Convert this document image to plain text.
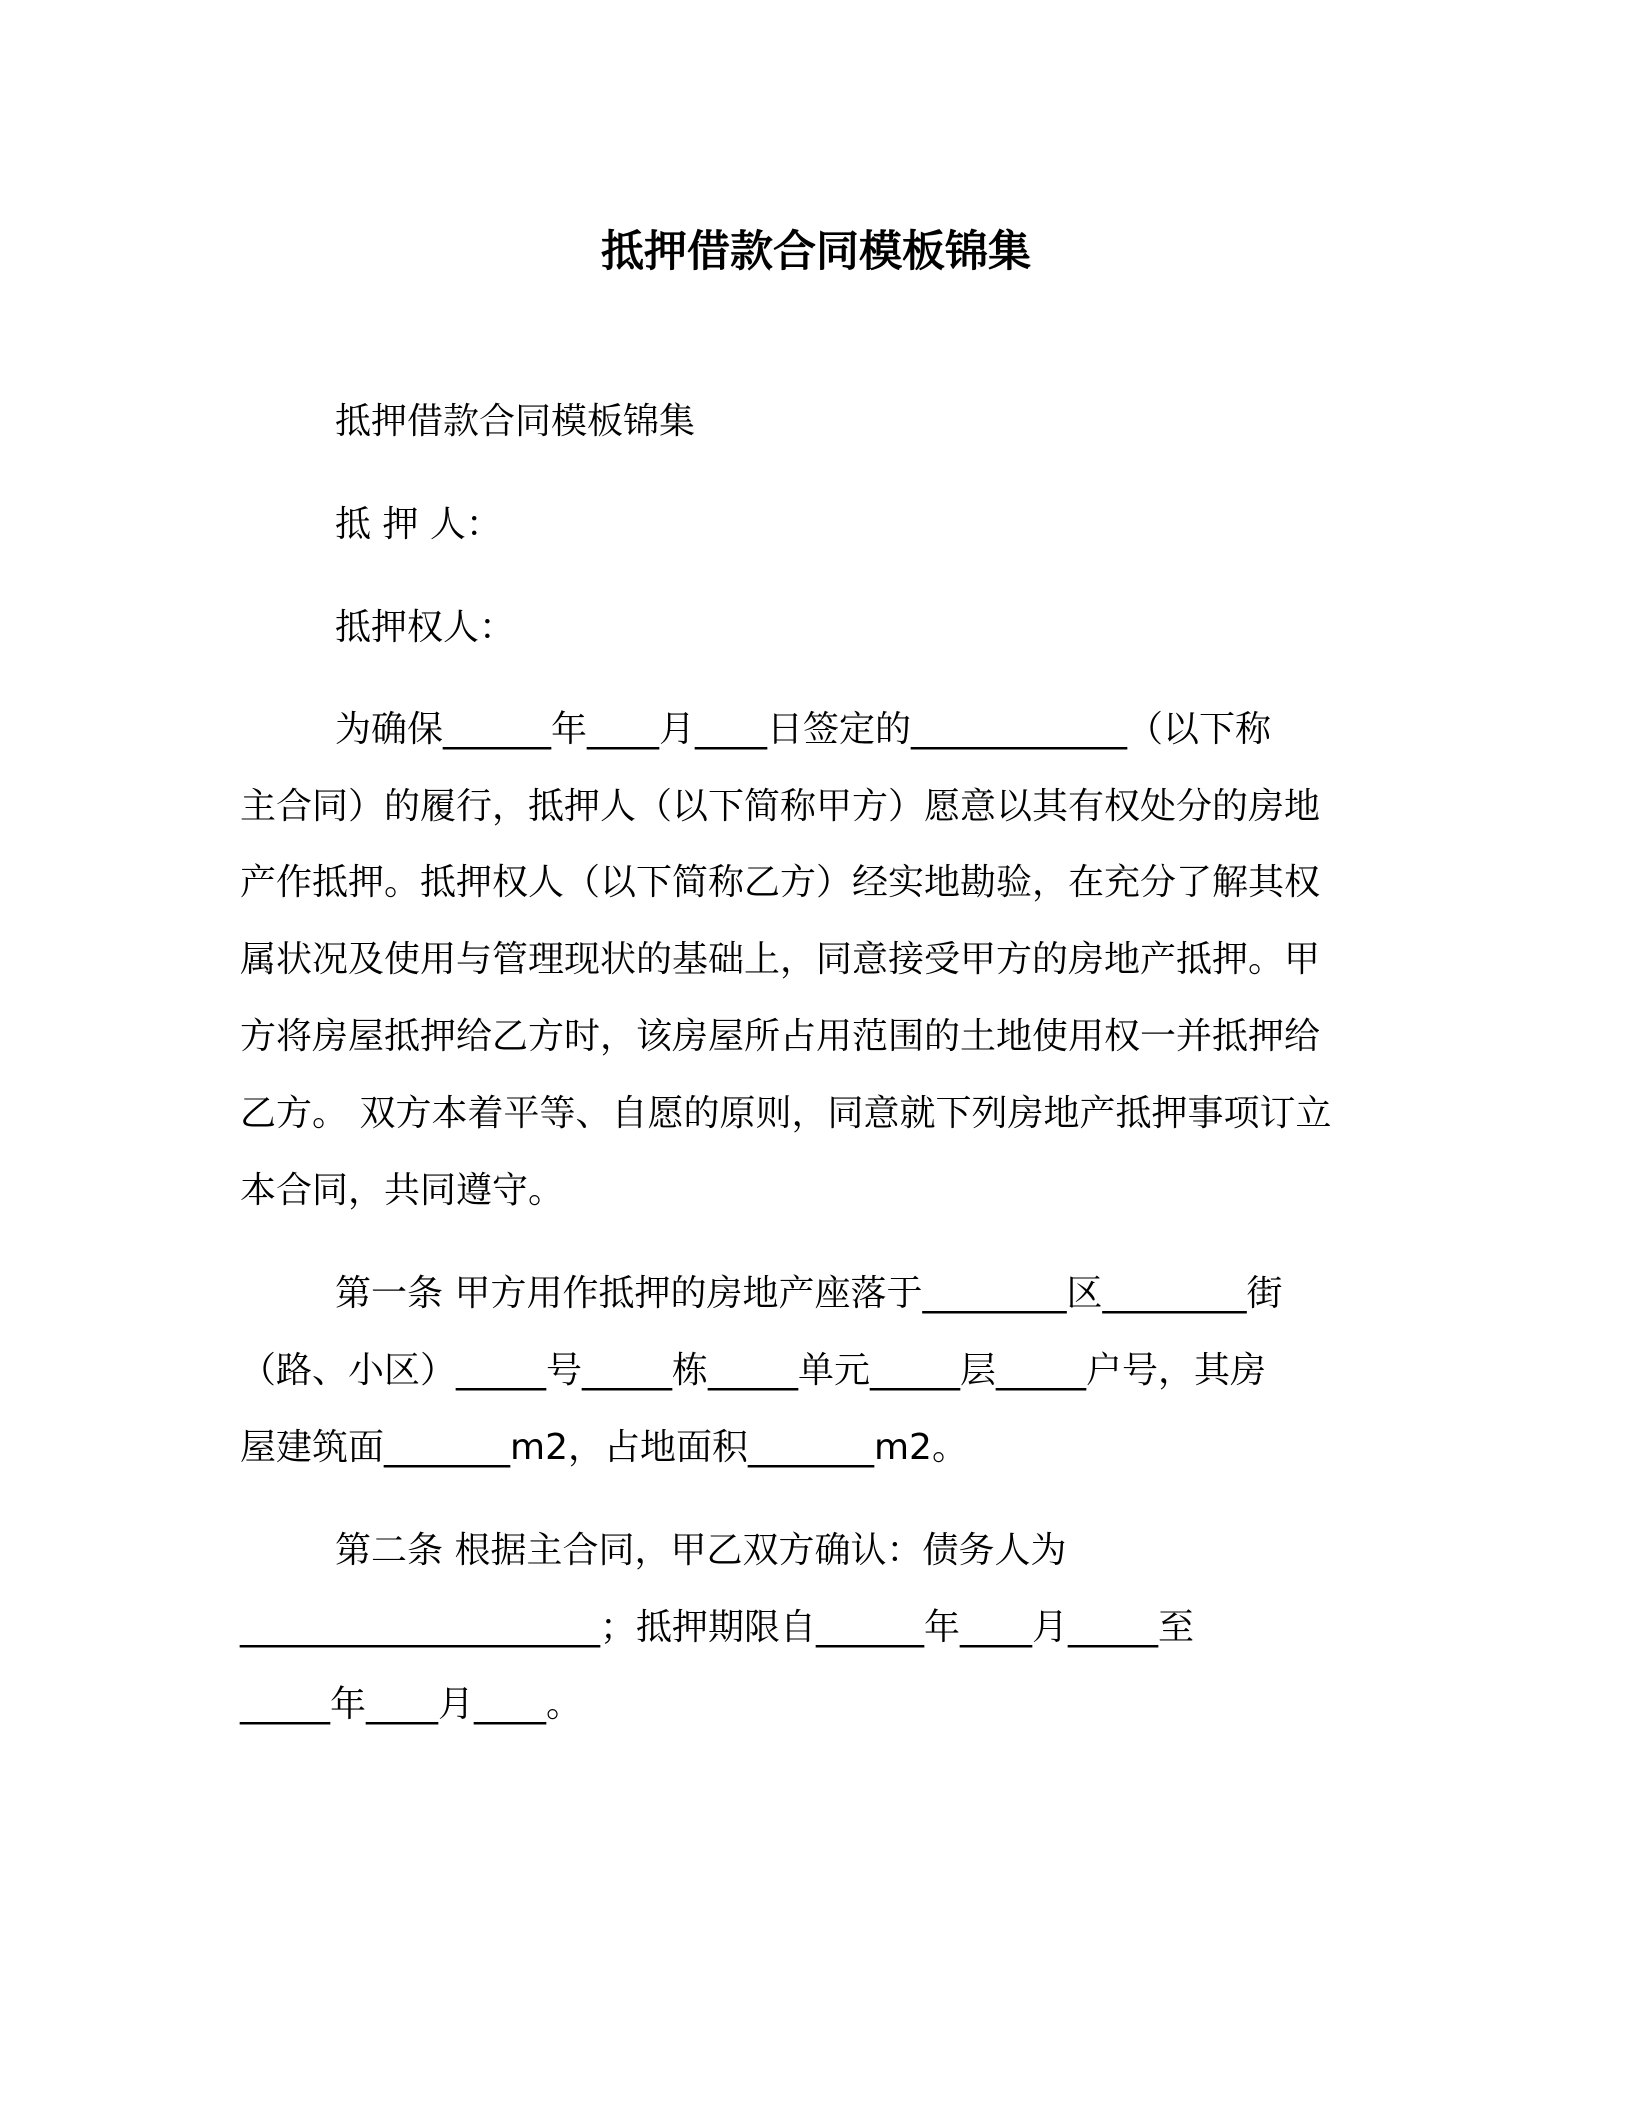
抵押借款合同模板锦集

抵押借款合同模板锦集

抵 押 人：

抵押权人：

为确保______年____月____日签定的____________（以下称

主合同）的履行，抵押人（以下简称甲方）愿意以其有权处分的房地

产作抵押。抵押权人（以下简称乙方）经实地勘验，在充分了解其权

属状况及使用与管理现状的基础上，同意接受甲方的房地产抵押。甲

方将房屋抵押给乙方时，该房屋所占用范围的土地使用权一并抵押给

乙方。 双方本着平等、自愿的原则，同意就下列房地产抵押事项订立

本合同，共同遵守。

第一条 甲方用作抵押的房地产座落于________区________街

（路、小区）_____号_____栋_____单元_____层_____户号，其房

屋建筑面_______m2，占地面积_______m2。

第二条 根据主合同，甲乙双方确认：债务人为

____________________；抵押期限自______年____月_____至

_____年____月____。
